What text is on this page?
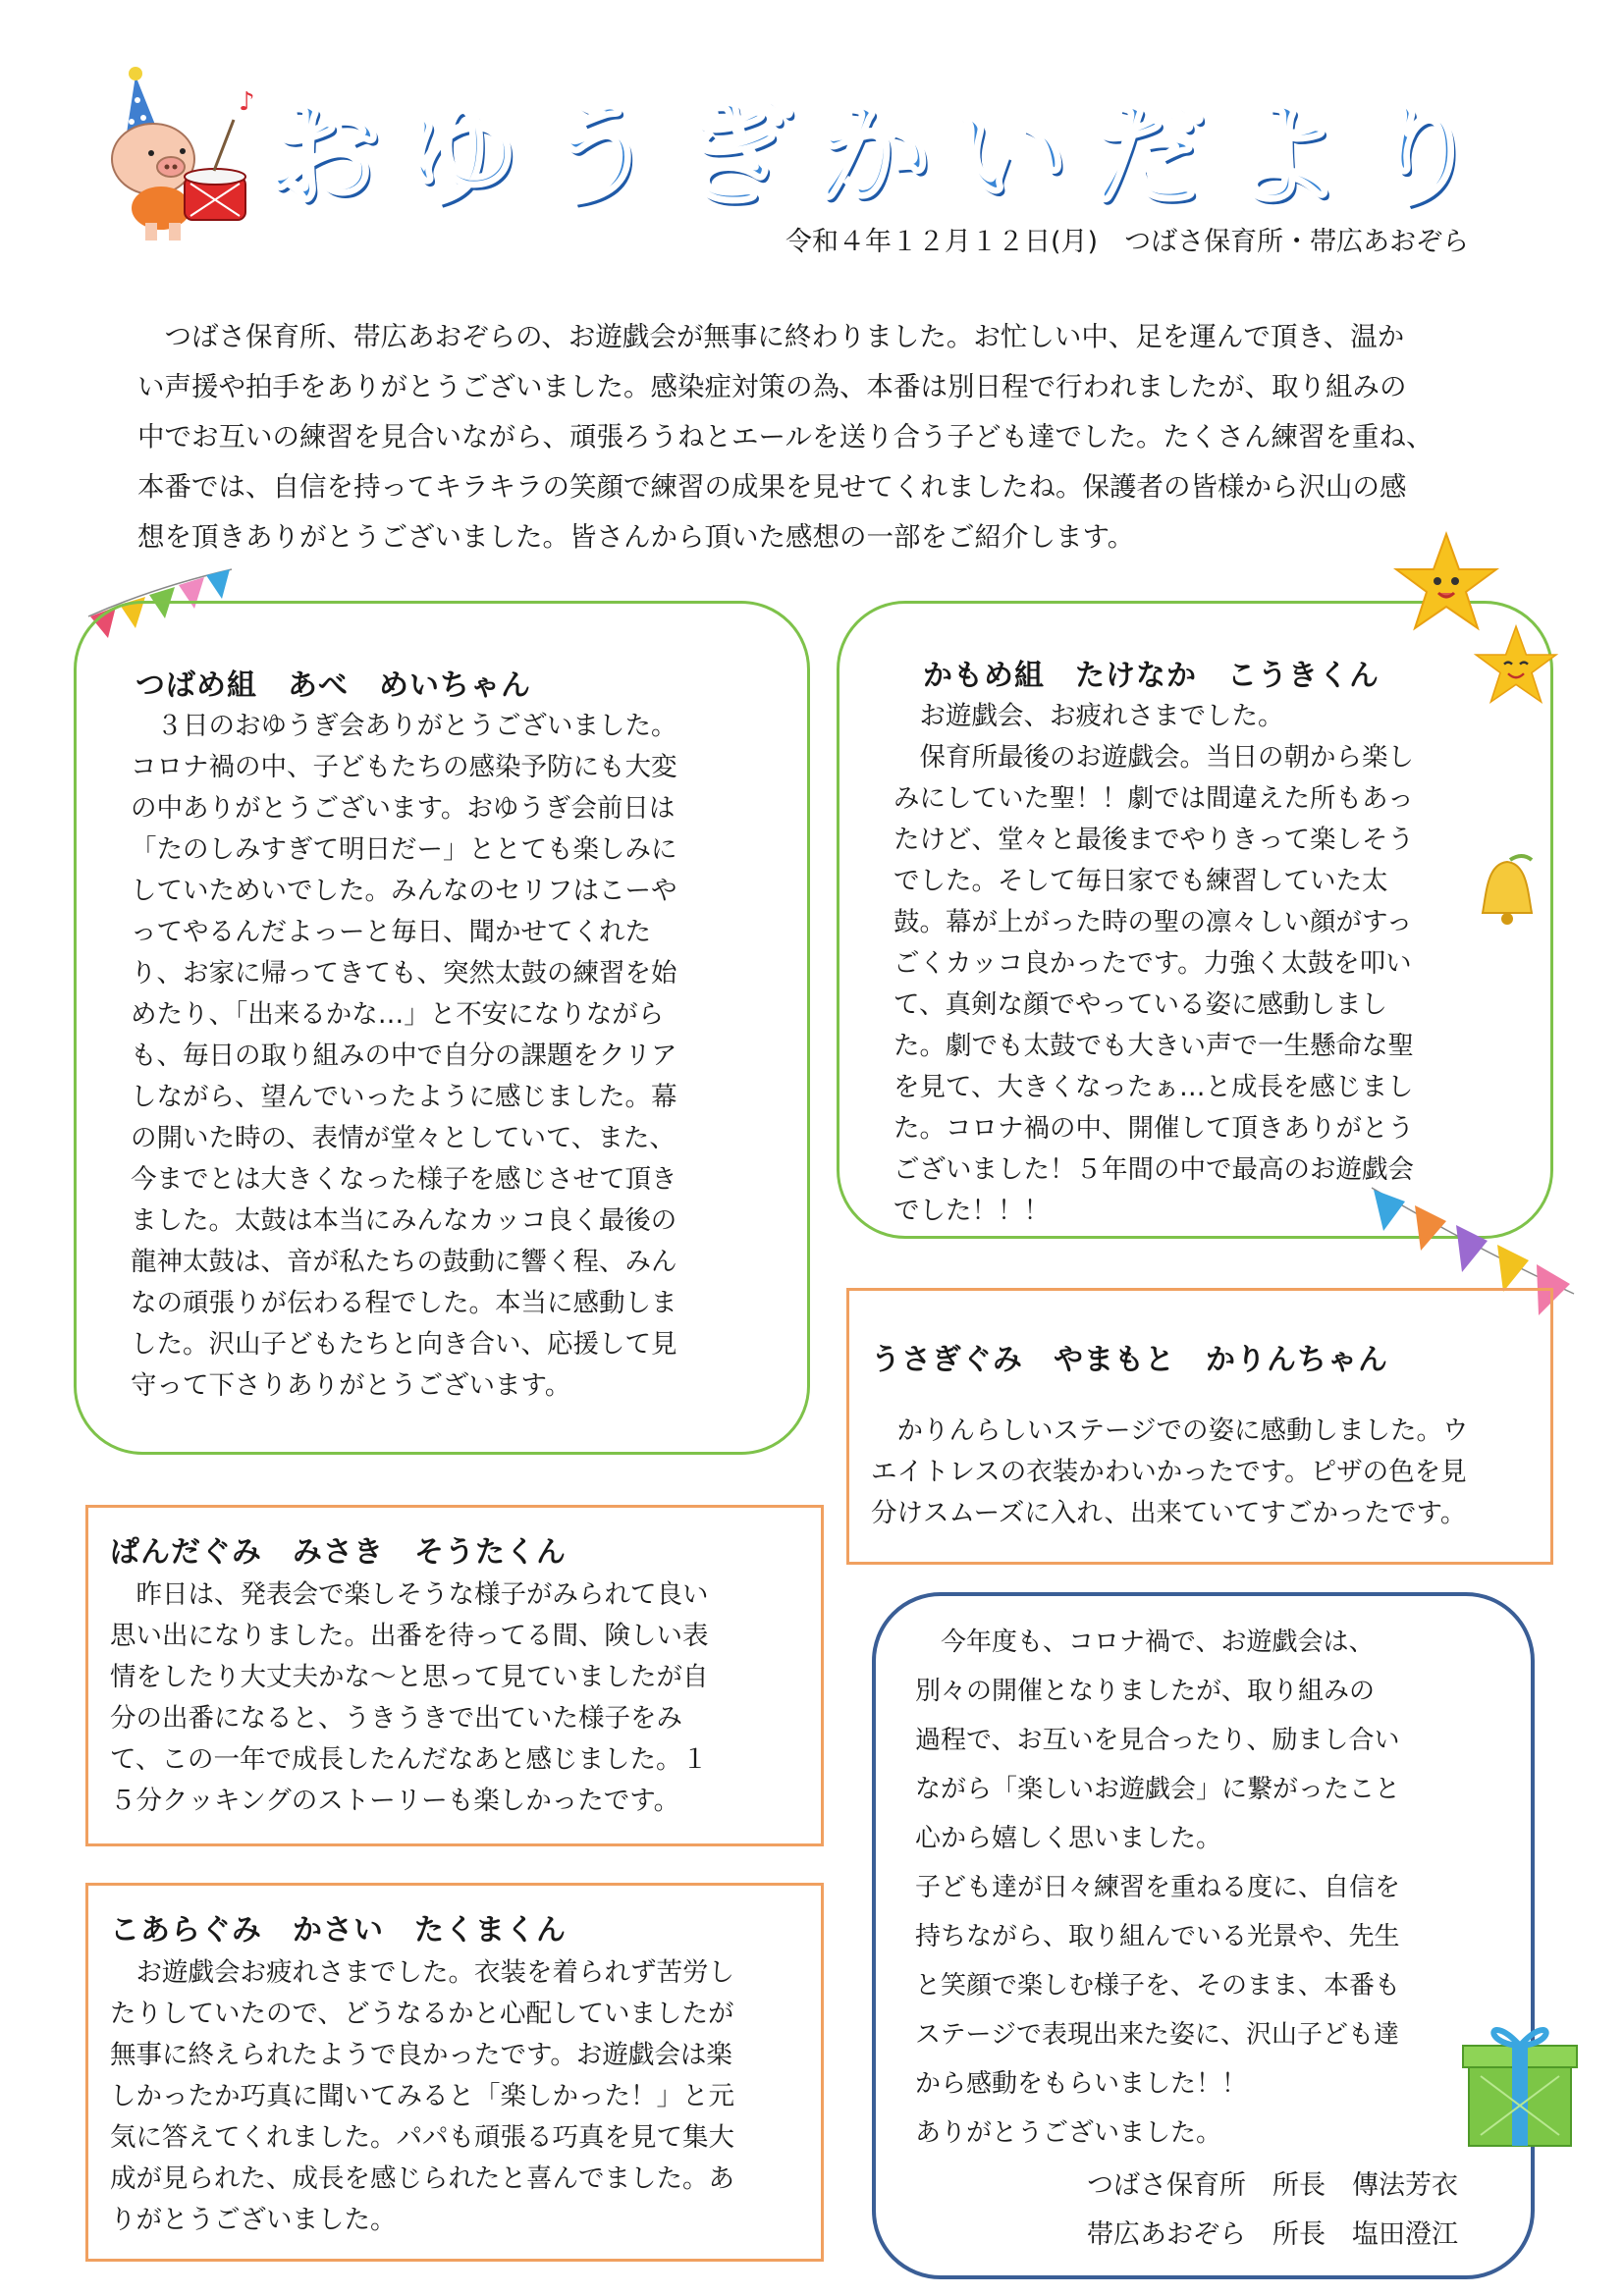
♪ おゆうぎかいだより
令和４年１２月１２日(月)　つばさ保育所・帯広あおぞら

　つばさ保育所、帯広あおぞらの、お遊戯会が無事に終わりました。お忙しい中、足を運んで頂き、温か

い声援や拍手をありがとうございました。感染症対策の為、本番は別日程で行われましたが、取り組みの

中でお互いの練習を見合いながら、頑張ろうねとエールを送り合う子ども達でした。たくさん練習を重ね、

本番では、自信を持ってキラキラの笑顔で練習の成果を見せてくれましたね。保護者の皆様から沢山の感

想を頂きありがとうございました。皆さんから頂いた感想の一部をご紹介します。

つばめ組　あべ　めいちゃん

　３日のおゆうぎ会ありがとうございました。

コロナ禍の中、子どもたちの感染予防にも大変

の中ありがとうございます。おゆうぎ会前日は

「たのしみすぎて明日だー」ととても楽しみに

していためいでした。みんなのセリフはこーや

ってやるんだよっーと毎日、聞かせてくれた

り、お家に帰ってきても、突然太鼓の練習を始

めたり、「出来るかな…」と不安になりながら

も、毎日の取り組みの中で自分の課題をクリア

しながら、望んでいったように感じました。幕

の開いた時の、表情が堂々としていて、また、

今までとは大きくなった様子を感じさせて頂き

ました。太鼓は本当にみんなカッコ良く最後の

龍神太鼓は、音が私たちの鼓動に響く程、みん

なの頑張りが伝わる程でした。本当に感動しま

した。沢山子どもたちと向き合い、応援して見

守って下さりありがとうございます。

かもめ組　たけなか　こうきくん

　お遊戯会、お疲れさまでした。

　保育所最後のお遊戯会。当日の朝から楽し

みにしていた聖！！劇では間違えた所もあっ

たけど、堂々と最後までやりきって楽しそう

でした。そして毎日家でも練習していた太

鼓。幕が上がった時の聖の凛々しい顔がすっ

ごくカッコ良かったです。力強く太鼓を叩い

て、真剣な顔でやっている姿に感動しまし

た。劇でも太鼓でも大きい声で一生懸命な聖

を見て、大きくなったぁ…と成長を感じまし

た。コロナ禍の中、開催して頂きありがとう

ございました！５年間の中で最高のお遊戯会

でした！！！

うさぎぐみ　やまもと　かりんちゃん

　かりんらしいステージでの姿に感動しました。ウ

エイトレスの衣装かわいかったです。ピザの色を見

分けスムーズに入れ、出来ていてすごかったです。

ぱんだぐみ　みさき　そうたくん

　昨日は、発表会で楽しそうな様子がみられて良い

思い出になりました。出番を待ってる間、険しい表

情をしたり大丈夫かな～と思って見ていましたが自

分の出番になると、うきうきで出ていた様子をみ

て、この一年で成長したんだなあと感じました。１

５分クッキングのストーリーも楽しかったです。

こあらぐみ　かさい　たくまくん

　お遊戯会お疲れさまでした。衣装を着られず苦労し

たりしていたので、どうなるかと心配していましたが

無事に終えられたようで良かったです。お遊戯会は楽

しかったか巧真に聞いてみると「楽しかった！」と元

気に答えてくれました。パパも頑張る巧真を見て集大

成が見られた、成長を感じられたと喜んでました。あ

りがとうございました。

　今年度も、コロナ禍で、お遊戯会は、

別々の開催となりましたが、取り組みの

過程で、お互いを見合ったり、励まし合い

ながら「楽しいお遊戯会」に繋がったこと

心から嬉しく思いました。

子ども達が日々練習を重ねる度に、自信を

持ちながら、取り組んでいる光景や、先生

と笑顔で楽しむ様子を、そのまま、本番も

ステージで表現出来た姿に、沢山子ども達

から感動をもらいました！！

ありがとうございました。

つばさ保育所　所長　傳法芳衣
帯広あおぞら　所長　塩田澄江
